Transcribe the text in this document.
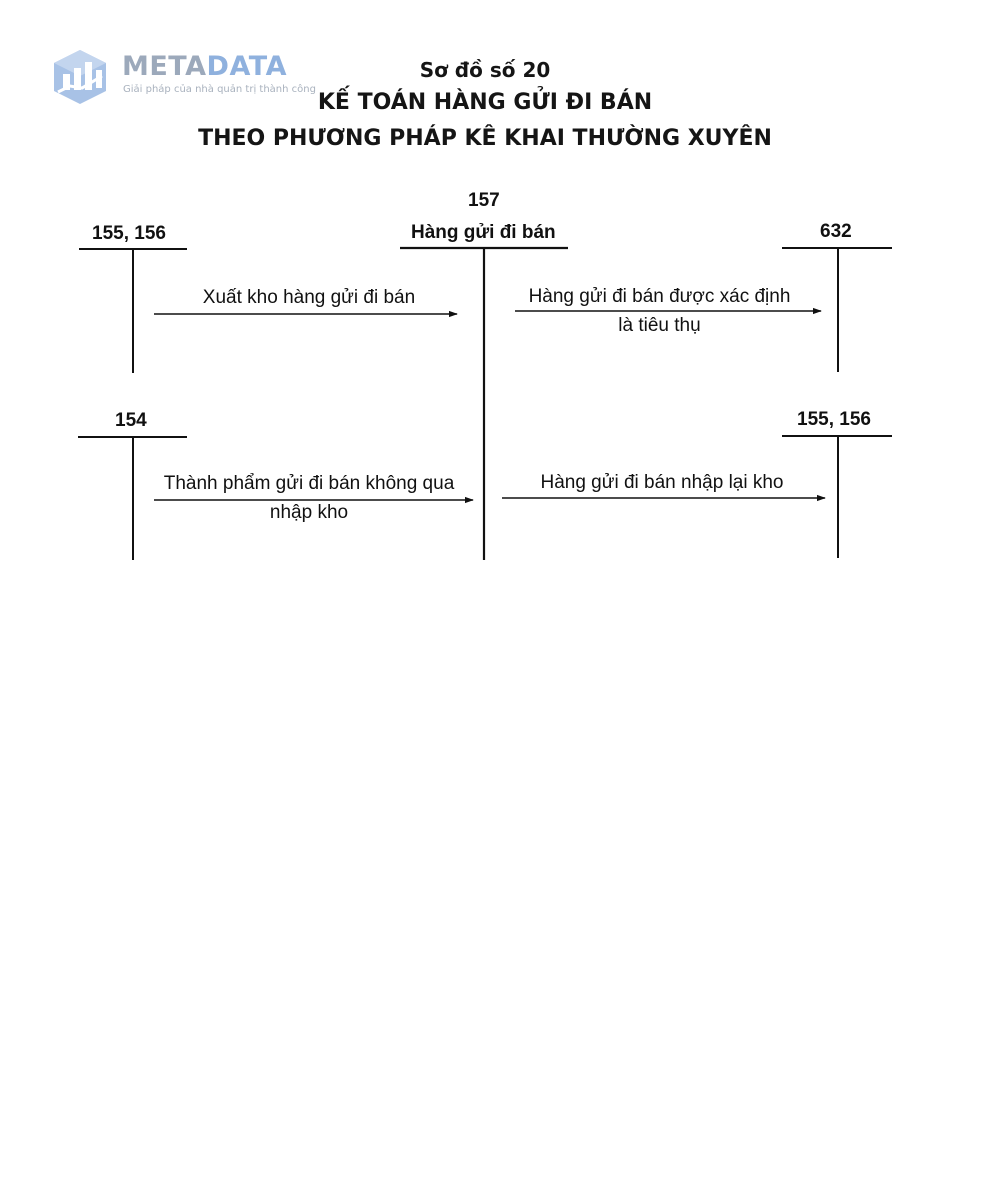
METADATA
Giải pháp của nhà quản trị thành công
Sơ đồ số 20
KẾ TOÁN HÀNG GỬI ĐI BÁN
THEO PHƯƠNG PHÁP KÊ KHAI THƯỜNG XUYÊN
157
Hàng gửi đi bán
155, 156	632
154	155, 156
Xuất kho hàng gửi đi bán	Hàng gửi đi bán được xác định
là tiêu thụ
Thành phẩm gửi đi bán không qua
nhập kho
Hàng gửi đi bán nhập lại kho
